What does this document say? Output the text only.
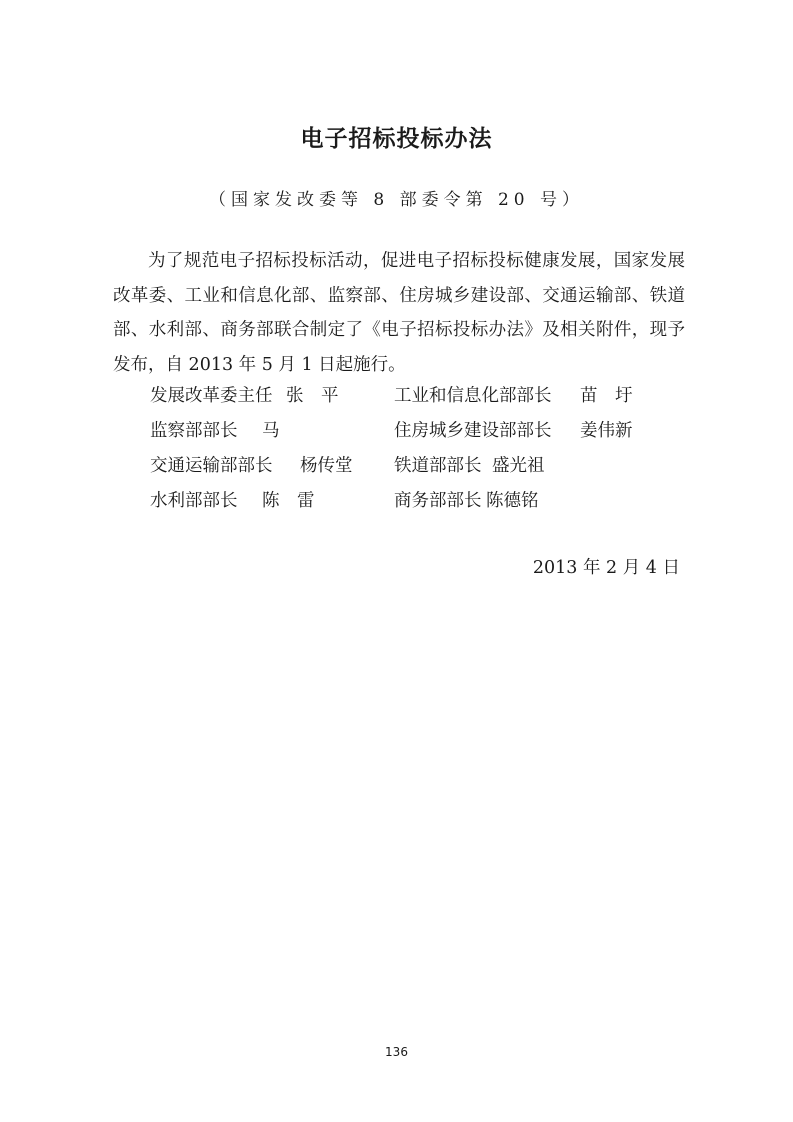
电子招标投标办法
（国家发改委等 8 部委令第 20 号）
为了规范电子招标投标活动，促进电子招标投标健康发展，国家发展改革委、工业和信息化部、监察部、住房城乡建设部、交通运输部、铁道部、水利部、商务部联合制定了《电子招标投标办法》及相关附件，现予发布，自 2013 年 5 月 1 日起施行。
发展改革委主任 张平 工业和信息化部部长 苗圩
监察部部长 马	住房城乡建设部部长 姜伟新
交通运输部部长 杨传堂 铁道部部长 盛光祖
水利部部长 陈雷	商务部部长 陈德铭
2013 年 2 月 4 日
136
